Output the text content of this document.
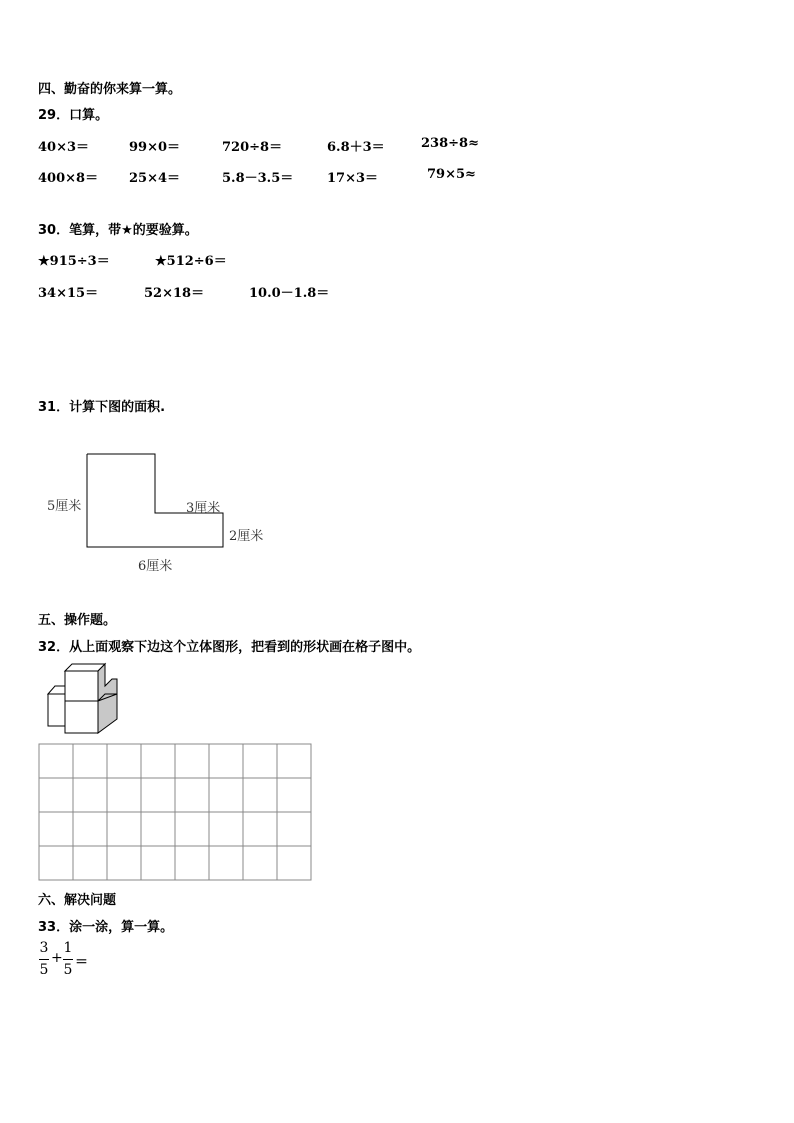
四、勤奋的你来算一算。
29．口算。
40×3＝	99×0＝	720÷8＝	6.8＋3＝	238÷8≈
400×8＝ 25×4＝	5.8－3.5＝	17×3＝	79×5≈
30．笔算，带★的要验算。
★915÷3＝	★512÷6＝
34×15＝	52×18＝	10.0－1.8＝
31．计算下图的面积.
5厘米	3厘米
2厘米
6厘米
五、操作题。
32．从上面观察下边这个立体图形，把看到的形状画在格子图中。
六、解决问题
33．涂一涂，算一算。
3
5
+
1
5 ＝
